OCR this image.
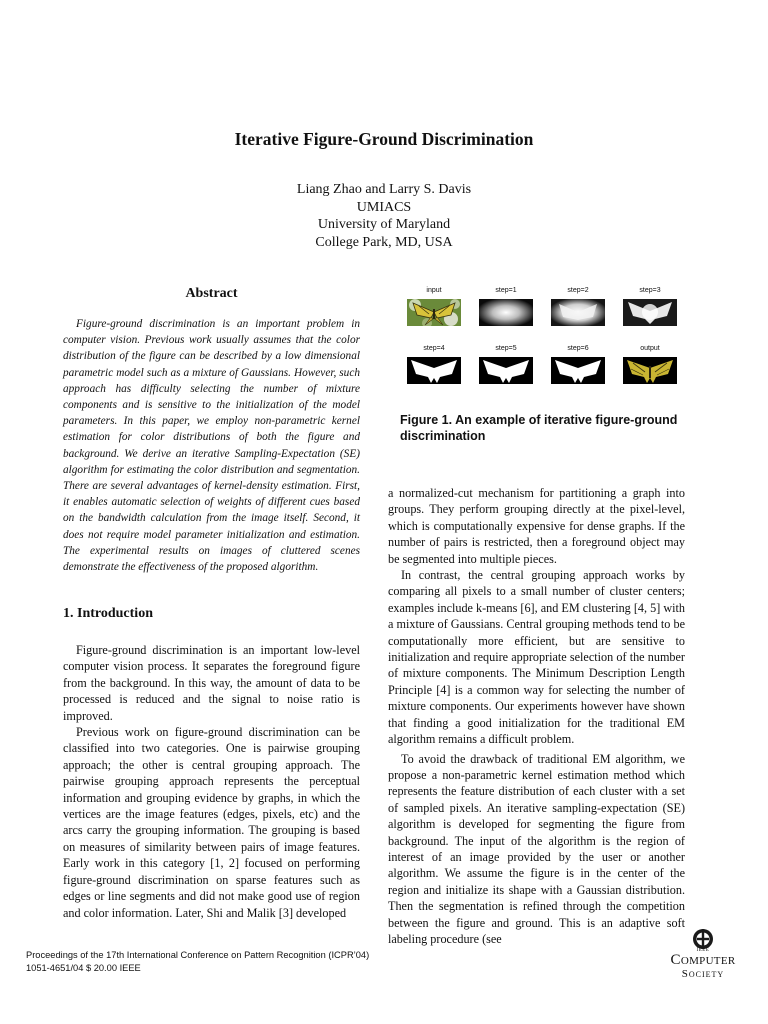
Iterative Figure-Ground Discrimination
Liang Zhao and Larry S. Davis
UMIACS
University of Maryland
College Park, MD, USA
Abstract

Figure-ground discrimination is an important problem in computer vision. Previous work usually assumes that the color distribution of the figure can be described by a low dimensional parametric model such as a mixture of Gaussians. However, such approach has difficulty selecting the number of mixture components and is sensitive to the initialization of the model parameters. In this paper, we employ non-parametric kernel estimation for color distributions of both the figure and background. We derive an iterative Sampling-Expectation (SE) algorithm for estimating the color distribution and segmentation. There are several advantages of kernel-density estimation. First, it enables automatic selection of weights of different cues based on the bandwidth calculation from the image itself. Second, it does not require model parameter initialization and estimation. The experimental results on images of cluttered scenes demonstrate the effectiveness of the proposed algorithm.

1. Introduction

Figure-ground discrimination is an important low-level computer vision process. It separates the foreground figure from the background. In this way, the amount of data to be processed is reduced and the signal to noise ratio is improved.

Previous work on figure-ground discrimination can be classified into two categories. One is pairwise grouping approach; the other is central grouping approach. The pairwise grouping approach represents the perceptual information and grouping evidence by graphs, in which the vertices are the image features (edges, pixels, etc) and the arcs carry the grouping information. The grouping is based on measures of similarity between pairs of image features. Early work in this category [1, 2] focused on performing figure-ground discrimination on sparse features such as edges or line segments and did not make good use of region and color information. Later, Shi and Malik [3] developed

input	step=1	step=2	step=3
step=4	step=5	step=6	output
Figure 1. An example of iterative figure-ground discrimination

a normalized-cut mechanism for partitioning a graph into groups. They perform grouping directly at the pixel-level, which is computationally expensive for dense graphs. If the number of pairs is restricted, then a foreground object may be segmented into multiple pieces.

In contrast, the central grouping approach works by comparing all pixels to a small number of cluster centers; examples include k-means [6], and EM clustering [4, 5] with a mixture of Gaussians. Central grouping methods tend to be computationally more efficient, but are sensitive to initialization and require appropriate selection of the number of mixture components. The Minimum Description Length Principle [4] is a common way for selecting the number of mixture components. Our experiments however have shown that finding a good initialization for the traditional EM algorithm remains a difficult problem.

To avoid the drawback of traditional EM algorithm, we propose a non-parametric kernel estimation method which represents the feature distribution of each cluster with a set of sampled pixels. An iterative sampling-expectation (SE) algorithm is developed for segmenting the figure from background. The input of the algorithm is the region of interest of an image provided by the user or another algorithm. We assume the figure is in the center of the region and initialize its shape with a Gaussian distribution. Then the segmentation is refined through the competition between the figure and ground. This is an adaptive soft labeling procedure (see

Proceedings of the 17th International Conference on Pattern Recognition (ICPR’04)
1051-4651/04 $ 20.00 IEEE
IEEE
Computer
Society
